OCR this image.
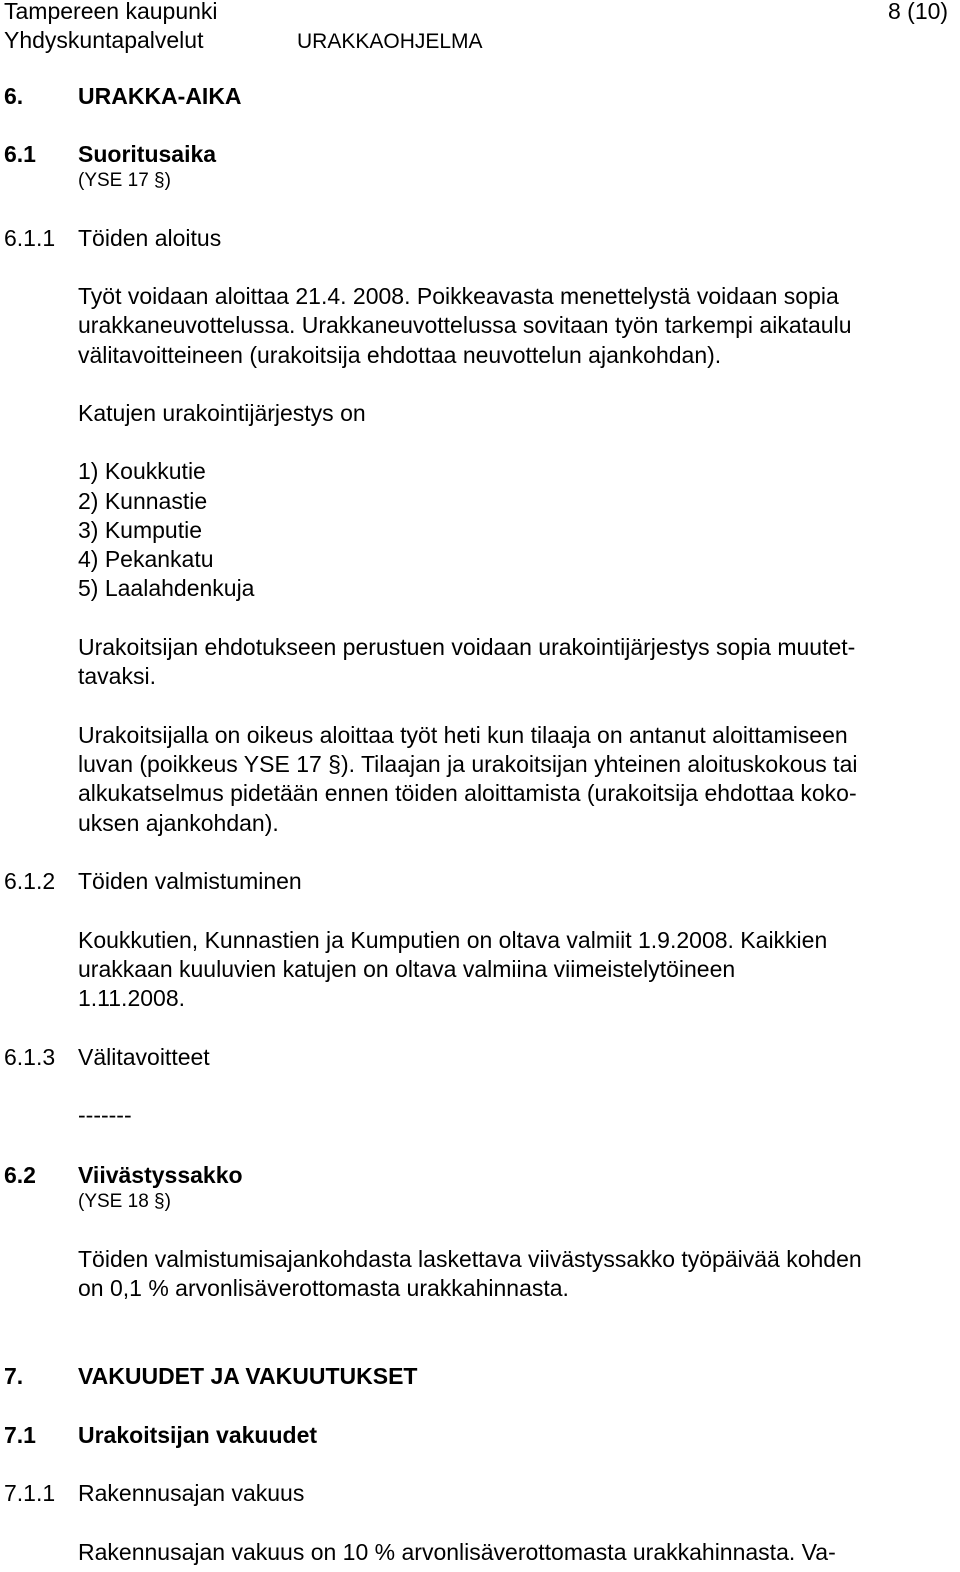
Tampereen kaupunki	8 (10)
Yhdyskuntapalvelut	URAKKAOHJELMA
6. URAKKA-AIKA
6.1 Suoritusaika
(YSE 17 §)
6.1.1 Töiden aloitus
Työt voidaan aloittaa 21.4. 2008. Poikkeavasta menettelystä voidaan sopia
urakkaneuvottelussa. Urakkaneuvottelussa sovitaan työn tarkempi aikataulu
välitavoitteineen (urakoitsija ehdottaa neuvottelun ajankohdan).
Katujen urakointijärjestys on
1) Koukkutie
2) Kunnastie
3) Kumputie
4) Pekankatu
5) Laalahdenkuja
Urakoitsijan ehdotukseen perustuen voidaan urakointijärjestys sopia muutet-
tavaksi.
Urakoitsijalla on oikeus aloittaa työt heti kun tilaaja on antanut aloittamiseen
luvan (poikkeus YSE 17 §). Tilaajan ja urakoitsijan yhteinen aloituskokous tai
alkukatselmus pidetään ennen töiden aloittamista (urakoitsija ehdottaa koko-
uksen ajankohdan).
6.1.2 Töiden valmistuminen
Koukkutien, Kunnastien ja Kumputien on oltava valmiit 1.9.2008. Kaikkien
urakkaan kuuluvien katujen on oltava valmiina viimeistelytöineen
1.11.2008.
6.1.3 Välitavoitteet
-------
6.2 Viivästyssakko
(YSE 18 §)
Töiden valmistumisajankohdasta laskettava viivästyssakko työpäivää kohden
on 0,1 % arvonlisäverottomasta urakkahinnasta.
7. VAKUUDET JA VAKUUTUKSET
7.1 Urakoitsijan vakuudet
7.1.1 Rakennusajan vakuus
Rakennusajan vakuus on 10 % arvonlisäverottomasta urakkahinnasta. Va-
